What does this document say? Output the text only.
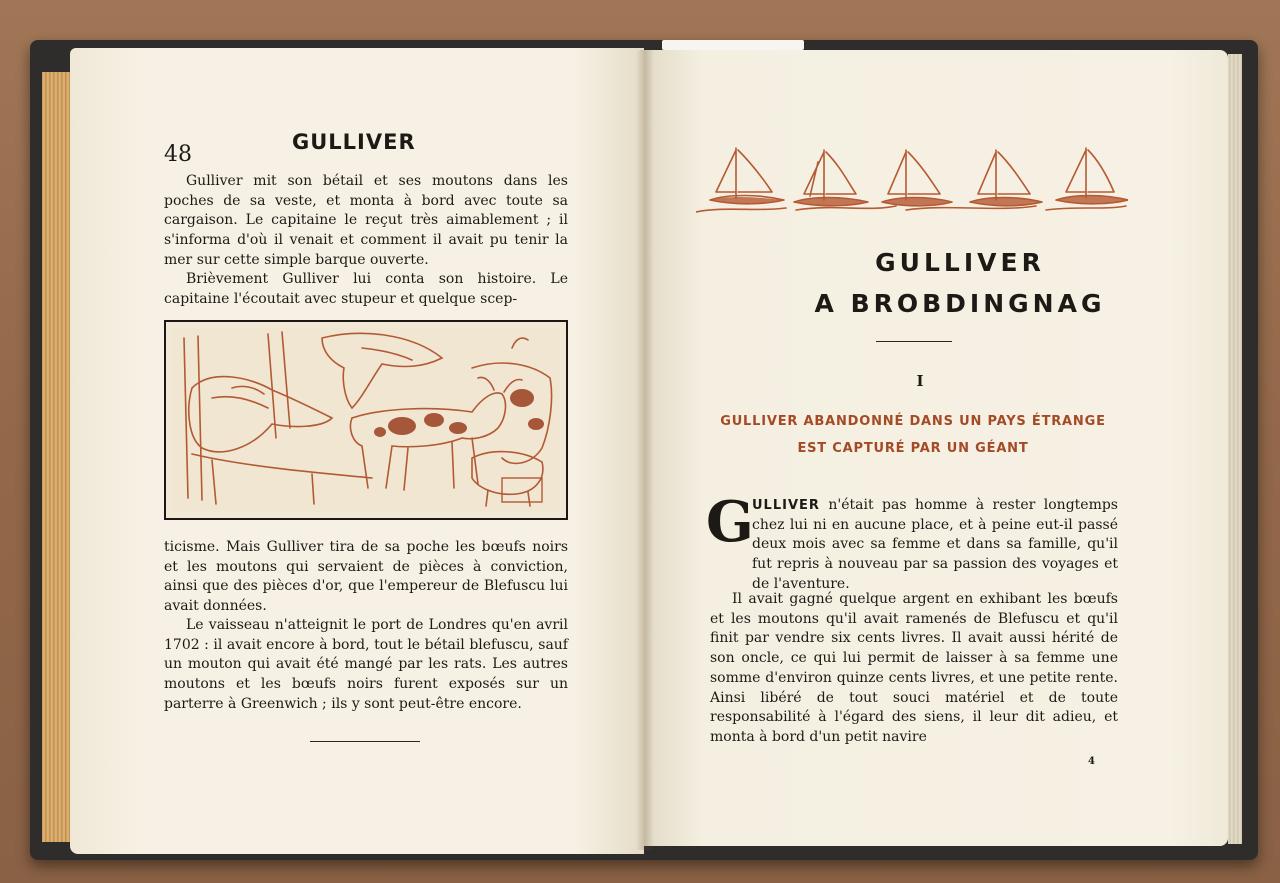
48	GULLIVER

Gulliver mit son bétail et ses moutons dans les poches de sa veste, et monta à bord avec toute sa cargaison. Le capitaine le reçut très aimablement ; il s'informa d'où il venait et comment il avait pu tenir la mer sur cette simple barque ouverte.

Brièvement Gulliver lui conta son histoire. Le capitaine l'écoutait avec stupeur et quelque scep-

ticisme. Mais Gulliver tira de sa poche les bœufs noirs et les moutons qui servaient de pièces à conviction, ainsi que des pièces d'or, que l'empereur de Blefuscu lui avait données.

Le vaisseau n'atteignit le port de Londres qu'en avril 1702 : il avait encore à bord, tout le bétail blefuscu, sauf un mouton qui avait été mangé par les rats. Les autres moutons et les bœufs noirs furent exposés sur un parterre à Greenwich ; ils y sont peut-être encore.

GULLIVER
A BROBDINGNAG
I
GULLIVER ABANDONNÉ DANS UN PAYS ÉTRANGE
EST CAPTURÉ PAR UN GÉANT
G

ULLIVER n'était pas homme à rester longtemps chez lui ni en aucune place, et à peine eut-il passé deux mois avec sa femme et dans sa famille, qu'il fut repris à nouveau par sa passion des voyages et de l'aventure.

Il avait gagné quelque argent en exhibant les bœufs et les moutons qu'il avait ramenés de Blefuscu et qu'il finit par vendre six cents livres. Il avait aussi hérité de son oncle, ce qui lui permit de laisser à sa femme une somme d'environ quinze cents livres, et une petite rente. Ainsi libéré de tout souci matériel et de toute responsabilité à l'égard des siens, il leur dit adieu, et monta à bord d'un petit navire

4
